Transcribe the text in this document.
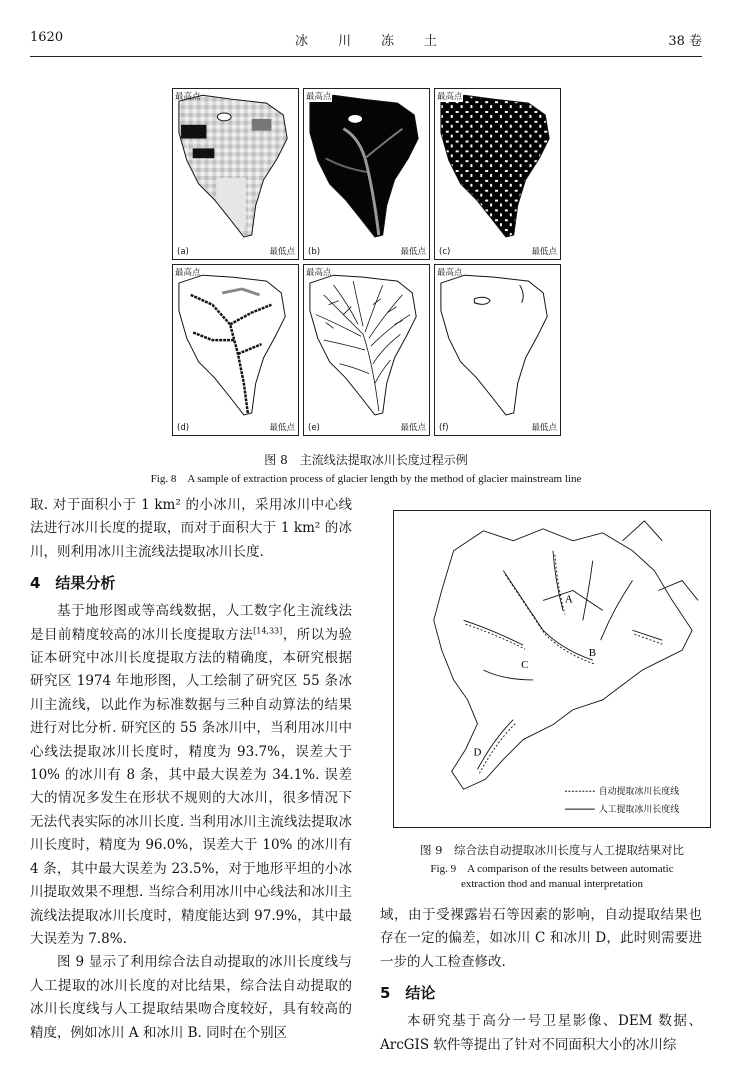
1620	冰川冻土	38 卷
最高点
(a)	最低点
最高点
(b)	最低点
最高点
(c)	最低点
最高点
(d)	最低点
最高点
(e)	最低点
最高点
(f)	最低点
图 8　主流线法提取冰川长度过程示例
Fig. 8　A sample of extraction process of glacier length by the method of glacier mainstream line

取. 对于面积小于 1 km² 的小冰川，采用冰川中心线法进行冰川长度的提取，而对于面积大于 1 km² 的冰川，则利用冰川主流线法提取冰川长度.

4　结果分析

基于地形图或等高线数据，人工数字化主流线法是目前精度较高的冰川长度提取方法[14,33]，所以为验证本研究中冰川长度提取方法的精确度，本研究根据研究区 1974 年地形图，人工绘制了研究区 55 条冰川主流线，以此作为标准数据与三种自动算法的结果进行对比分析. 研究区的 55 条冰川中，当利用冰川中心线法提取冰川长度时，精度为 93.7%，误差大于 10% 的冰川有 8 条，其中最大误差为 34.1%. 误差大的情况多发生在形状不规则的大冰川，很多情况下无法代表实际的冰川长度. 当利用冰川主流线法提取冰川长度时，精度为 96.0%，误差大于 10% 的冰川有 4 条，其中最大误差为 23.5%，对于地形平坦的小冰川提取效果不理想. 当综合利用冰川中心线法和冰川主流线法提取冰川长度时，精度能达到 97.9%，其中最大误差为 7.8%.

图 9 显示了利用综合法自动提取的冰川长度线与人工提取的冰川长度的对比结果，综合法自动提取的冰川长度线与人工提取结果吻合度较好，具有较高的精度，例如冰川 A 和冰川 B. 同时在个别区

A
B
C
D
自动提取冰川长度线
人工提取冰川长度线
图 9　综合法自动提取冰川长度与人工提取结果对比
Fig. 9　A comparison of the results between automatic
extraction thod and manual interpretation

域，由于受裸露岩石等因素的影响，自动提取结果也存在一定的偏差，如冰川 C 和冰川 D，此时则需要进一步的人工检查修改.

5　结论

本研究基于高分一号卫星影像、DEM 数据、ArcGIS 软件等提出了针对不同面积大小的冰川综
